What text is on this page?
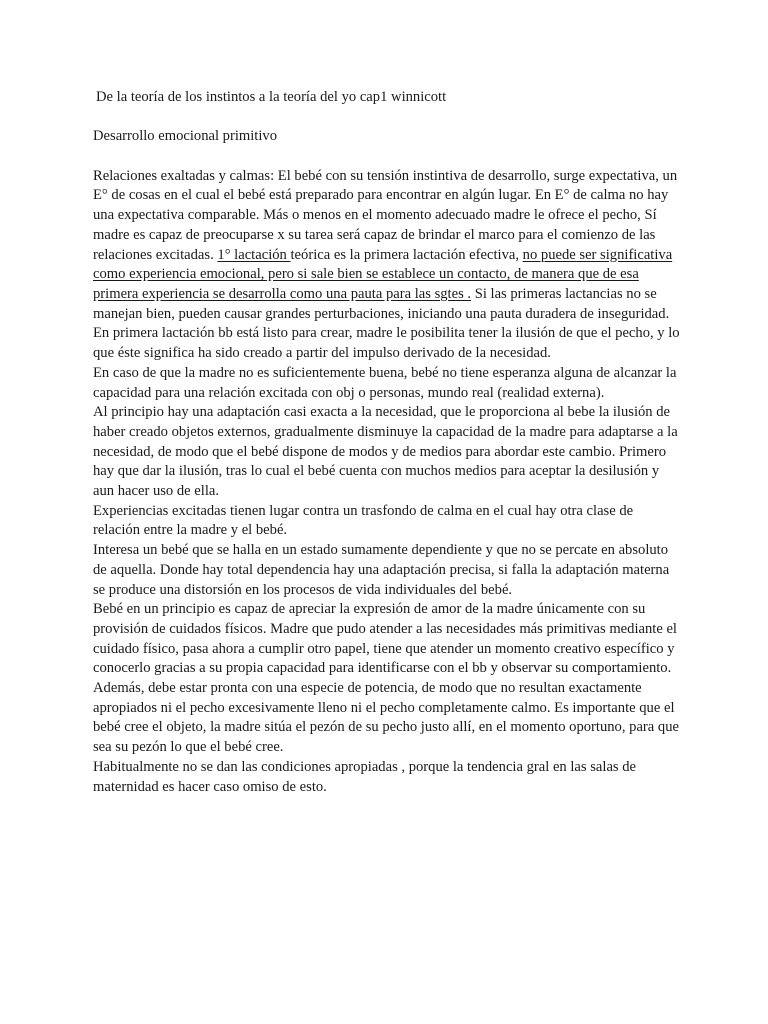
De la teoría de los instintos a la teoría del yo cap1 winnicott

Desarrollo emocional primitivo

Relaciones exaltadas y calmas: El bebé con su tensión instintiva de desarrollo, surge expectativa, un E° de cosas en el cual el bebé está preparado para encontrar en algún lugar. En E° de calma no hay una expectativa comparable. Más o menos en el momento adecuado madre le ofrece el pecho, Sí madre es capaz de preocuparse x su tarea será capaz de brindar el marco para el comienzo de las relaciones excitadas. 1° lactación teórica es la primera lactación efectiva, no puede ser significativa como experiencia emocional, pero si sale bien se establece un contacto, de manera que de esa primera experiencia se desarrolla como una pauta para las sgtes . Si las primeras lactancias no se manejan bien, pueden causar grandes perturbaciones, iniciando una pauta duradera de inseguridad.

En primera lactación bb está listo para crear, madre le posibilita tener la ilusión de que el pecho, y lo que éste significa ha sido creado a partir del impulso derivado de la necesidad.

En caso de que la madre no es suficientemente buena, bebé no tiene esperanza alguna de alcanzar la capacidad para una relación excitada con obj o personas, mundo real (realidad externa).

Al principio hay una adaptación casi exacta a la necesidad, que le proporciona al bebe la ilusión de haber creado objetos externos, gradualmente disminuye la capacidad de la madre para adaptarse a la necesidad, de modo que el bebé dispone de modos y de medios para abordar este cambio. Primero hay que dar la ilusión, tras lo cual el bebé cuenta con muchos medios para aceptar la desilusión y aun hacer uso de ella.

Experiencias excitadas tienen lugar contra un trasfondo de calma en el cual hay otra clase de relación entre la madre y el bebé.

Interesa un bebé que se halla en un estado sumamente dependiente y que no se percate en absoluto de aquella. Donde hay total dependencia hay una adaptación precisa, si falla la adaptación materna se produce una distorsión en los procesos de vida individuales del bebé.

Bebé en un principio es capaz de apreciar la expresión de amor de la madre únicamente con su provisión de cuidados físicos. Madre que pudo atender a las necesidades más primitivas mediante el cuidado físico, pasa ahora a cumplir otro papel, tiene que atender un momento creativo específico y conocerlo gracias a su propia capacidad para identificarse con el bb y observar su comportamiento. Además, debe estar pronta con una especie de potencia, de modo que no resultan exactamente apropiados ni el pecho excesivamente lleno ni el pecho completamente calmo. Es importante que el bebé cree el objeto, la madre sitúa el pezón de su pecho justo allí, en el momento oportuno, para que sea su pezón lo que el bebé cree.

Habitualmente no se dan las condiciones apropiadas , porque la tendencia gral en las salas de maternidad es hacer caso omiso de esto.
